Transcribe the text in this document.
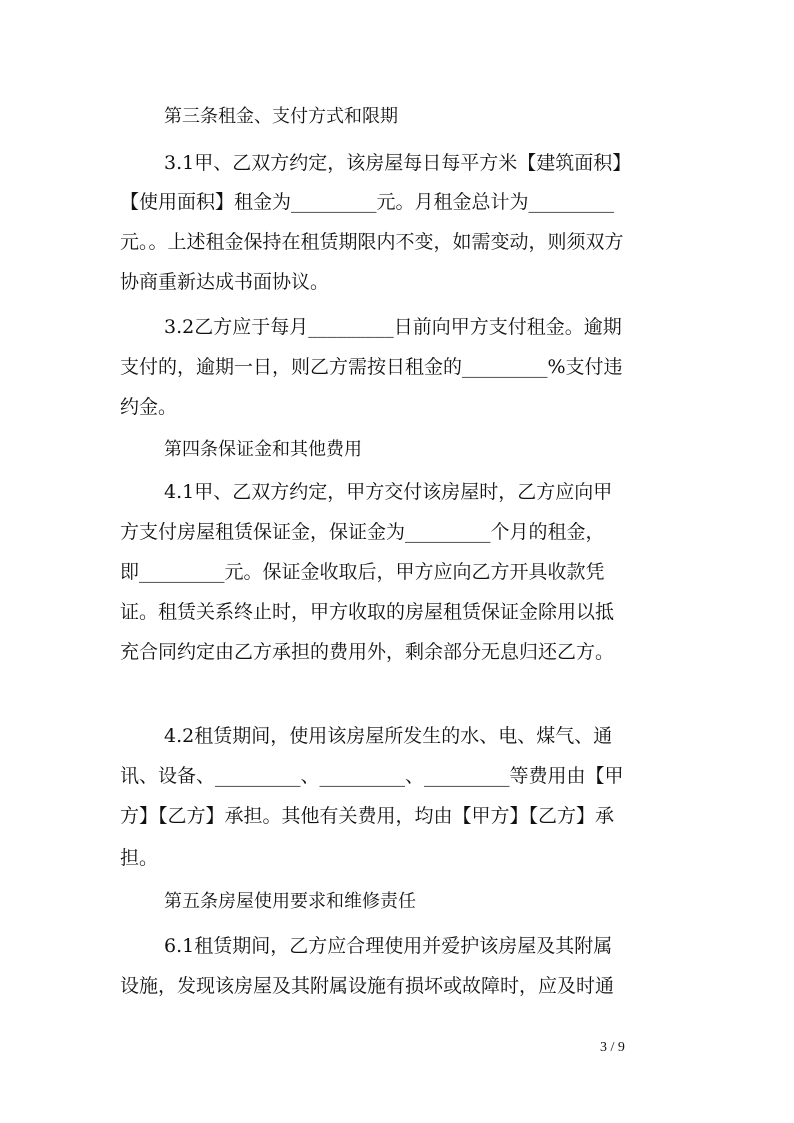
第三条租金、支付方式和限期
3.1甲、乙双方约定，该房屋每日每平方米【建筑面积】
【使用面积】租金为_________元。月租金总计为_________
元。。上述租金保持在租赁期限内不变，如需变动，则须双方
协商重新达成书面协议。
3.2乙方应于每月_________日前向甲方支付租金。逾期
支付的，逾期一日，则乙方需按日租金的_________%支付违
约金。
第四条保证金和其他费用
4.1甲、乙双方约定，甲方交付该房屋时，乙方应向甲
方支付房屋租赁保证金，保证金为_________个月的租金，
即_________元。保证金收取后，甲方应向乙方开具收款凭
证。租赁关系终止时，甲方收取的房屋租赁保证金除用以抵
充合同约定由乙方承担的费用外，剩余部分无息归还乙方。
4.2租赁期间，使用该房屋所发生的水、电、煤气、通
讯、设备、_________、_________、_________等费用由【甲
方】【乙方】承担。其他有关费用，均由【甲方】【乙方】承
担。
第五条房屋使用要求和维修责任
6.1租赁期间，乙方应合理使用并爱护该房屋及其附属
设施，发现该房屋及其附属设施有损坏或故障时，应及时通
3 / 9
